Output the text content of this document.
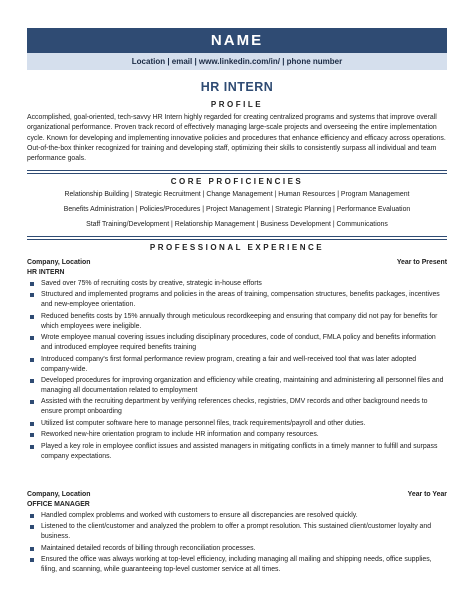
NAME
Location | email | www.linkedin.com/in/ | phone number
HR INTERN
PROFILE
Accomplished, goal-oriented, tech-savvy HR Intern highly regarded for creating centralized programs and systems that improve overall organizational performance. Proven track record of effectively managing large-scale projects and overseeing the entire implementation cycle. Known for developing and implementing innovative policies and procedures that enhance efficiency and efficacy across operations. Out-of-the-box thinker recognized for training and developing staff, optimizing their skills to consistently surpass all individual and team performance goals.
CORE PROFICIENCIES
Relationship Building | Strategic Recruitment | Change Management | Human Resources | Program Management
Benefits Administration | Policies/Procedures | Project Management | Strategic Planning | Performance Evaluation
Staff Training/Development | Relationship Management | Business Development | Communications
PROFESSIONAL EXPERIENCE
Company, Location	Year to Present
HR INTERN
Saved over 75% of recruiting costs by creative, strategic in-house efforts
Structured and implemented programs and policies in the areas of training, compensation structures, benefits packages, incentives and new-employee orientation.
Reduced benefits costs by 15% annually through meticulous recordkeeping and ensuring that company did not pay for benefits for which employees were ineligible.
Wrote employee manual covering issues including disciplinary procedures, code of conduct, FMLA policy and benefits information and introduced employee required benefits training
Introduced company's first formal performance review program, creating a fair and well-received tool that was later adopted company-wide.
Developed procedures for improving organization and efficiency while creating, maintaining and administering all personnel files and managing all documentation related to employment
Assisted with the recruiting department by verifying references checks, registries, DMV records and other background needs to ensure prompt onboarding
Utilized list computer software here to manage personnel files, track requirements/payroll and other duties.
Reworked new-hire orientation program to include HR information and company resources.
Played a key role in employee conflict issues and assisted managers in mitigating conflicts in a timely manner to fulfill and surpass company expectations.
Company, Location	Year to Year
OFFICE MANAGER
Handled complex problems and worked with customers to ensure all discrepancies are resolved quickly.
Listened to the client/customer and analyzed the problem to offer a prompt resolution. This sustained client/customer loyalty and business.
Maintained detailed records of billing through reconciliation processes.
Ensured the office was always working at top-level efficiency, including managing all mailing and shipping needs, office supplies, filing, and scanning, while guaranteeing top-level customer service at all times.
